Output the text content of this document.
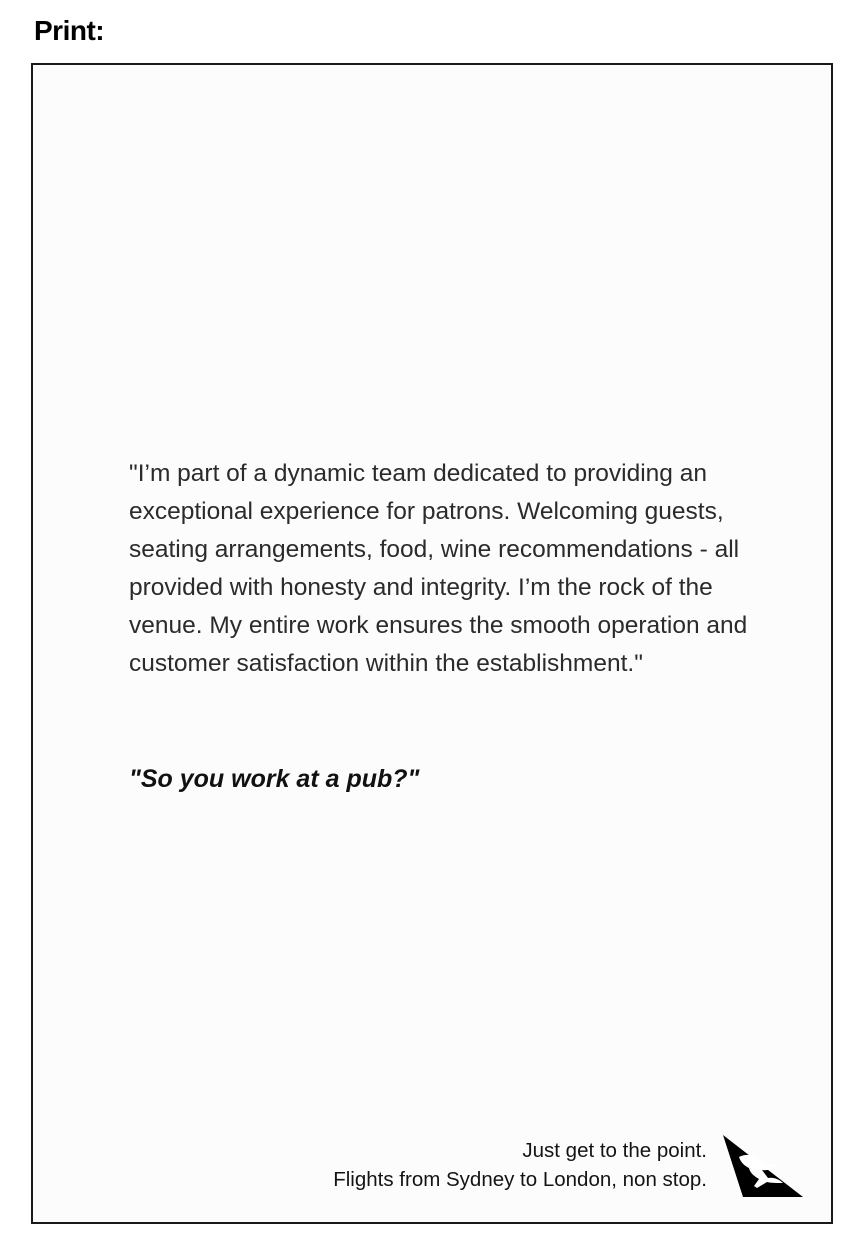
Print:

"I’m part of a dynamic team dedicated to providing an exceptional experience for patrons. Welcoming guests, seating arrangements, food, wine recommendations - all provided with honesty and integrity. I’m the rock of the venue. My entire work ensures the smooth operation and customer satisfaction within the establishment."

"So you work at a pub?"

Just get to the point.
Flights from Sydney to London, non stop.
